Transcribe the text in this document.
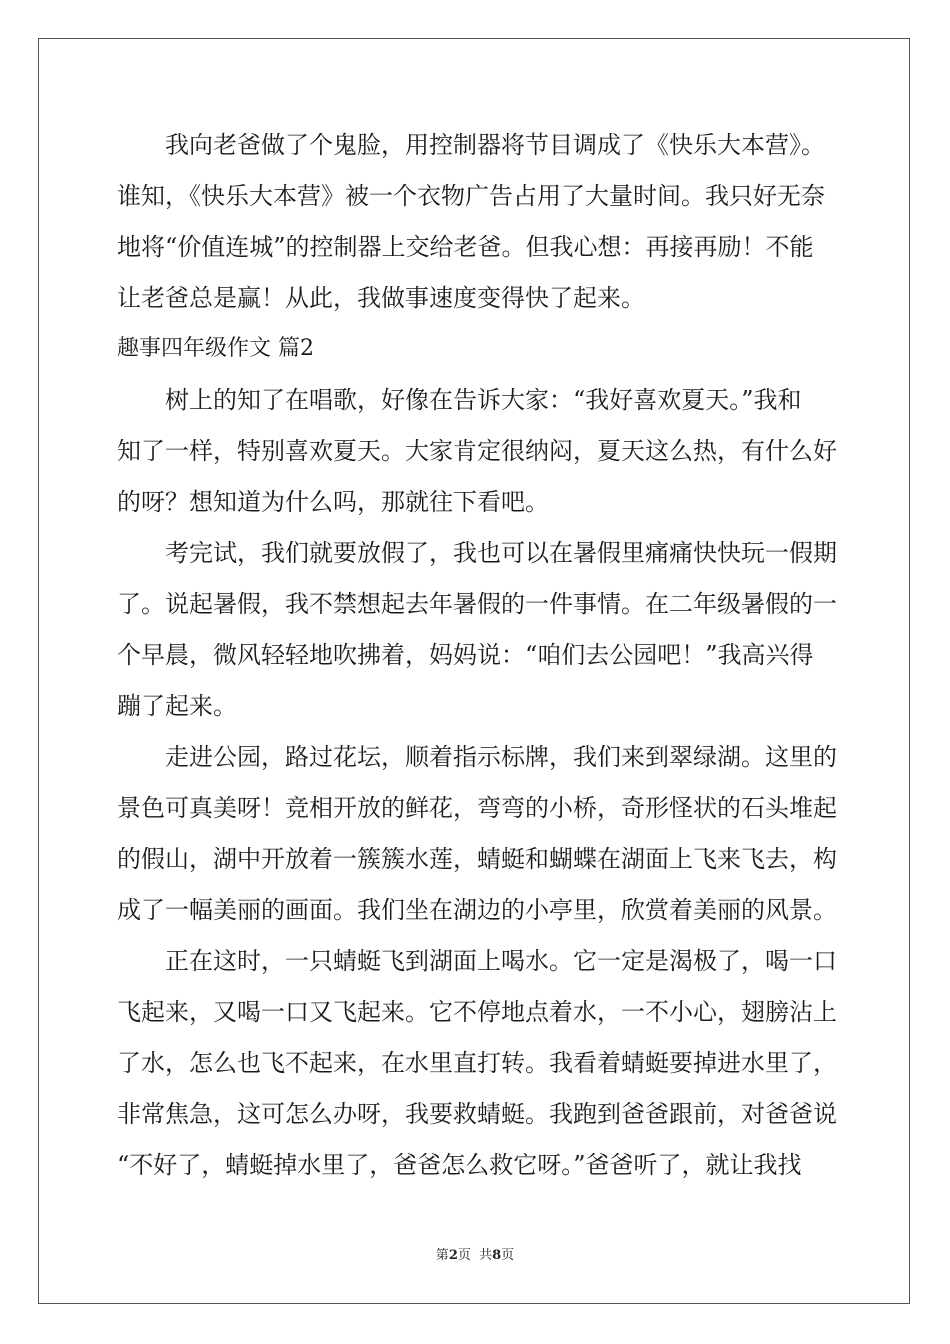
我向老爸做了个鬼脸，用控制器将节目调成了《快乐大本营》。
谁知，《快乐大本营》被一个衣物广告占用了大量时间。我只好无奈
地将“价值连城”的控制器上交给老爸。但我心想：再接再励！不能
让老爸总是赢！从此，我做事速度变得快了起来。
趣事四年级作文 篇2
树上的知了在唱歌，好像在告诉大家：“我好喜欢夏天。”我和
知了一样，特别喜欢夏天。大家肯定很纳闷，夏天这么热，有什么好
的呀？想知道为什么吗，那就往下看吧。
考完试，我们就要放假了，我也可以在暑假里痛痛快快玩一假期
了。说起暑假，我不禁想起去年暑假的一件事情。在二年级暑假的一
个早晨，微风轻轻地吹拂着，妈妈说：“咱们去公园吧！”我高兴得
蹦了起来。
走进公园，路过花坛，顺着指示标牌，我们来到翠绿湖。这里的
景色可真美呀！竞相开放的鲜花，弯弯的小桥，奇形怪状的石头堆起
的假山，湖中开放着一簇簇水莲，蜻蜓和蝴蝶在湖面上飞来飞去，构
成了一幅美丽的画面。我们坐在湖边的小亭里，欣赏着美丽的风景。
正在这时，一只蜻蜓飞到湖面上喝水。它一定是渴极了，喝一口
飞起来，又喝一口又飞起来。它不停地点着水，一不小心，翅膀沾上
了水，怎么也飞不起来，在水里直打转。我看着蜻蜓要掉进水里了，
非常焦急，这可怎么办呀，我要救蜻蜓。我跑到爸爸跟前，对爸爸说
“不好了，蜻蜓掉水里了，爸爸怎么救它呀。”爸爸听了，就让我找
第2页  共8页
